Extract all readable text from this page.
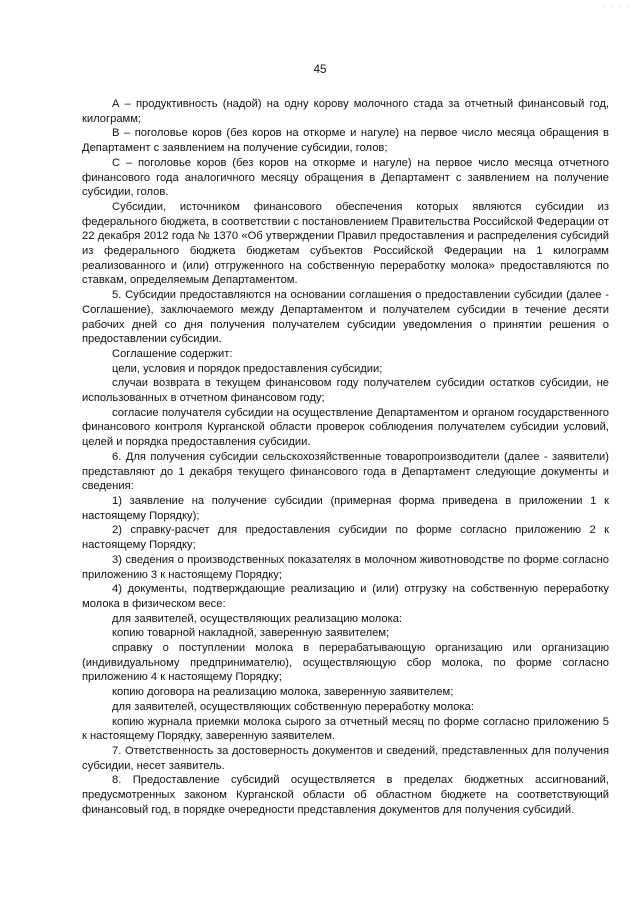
· · · ·
45

А – продуктивность (надой) на одну корову молочного стада за отчетный финансовый год, килограмм;

В – поголовье коров (без коров на откорме и нагуле) на первое число месяца обращения в Департамент с заявлением на получение субсидии, голов;

С – поголовье коров (без коров на откорме и нагуле) на первое число месяца отчетного финансового года аналогичного месяцу обращения в Департамент с заявлением на получение субсидии, голов.

Субсидии, источником финансового обеспечения которых являются субсидии из федерального бюджета, в соответствии с постановлением Правительства Российской Федерации от 22 декабря 2012 года № 1370 «Об утверждении Правил предоставления и распределения субсидий из федерального бюджета бюджетам субъектов Российской Федерации на 1 килограмм реализованного и (или) отгруженного на собственную переработку молока» предоставляются по ставкам, определяемым Департаментом.

5. Субсидии предоставляются на основании соглашения о предоставлении субсидии (далее - Соглашение), заключаемого между Департаментом и получателем субсидии в течение десяти рабочих дней со дня получения получателем субсидии уведомления о принятии решения о предоставлении субсидии.

Соглашение содержит:

цели, условия и порядок предоставления субсидии;

случаи возврата в текущем финансовом году получателем субсидии остатков субсидии, не использованных в отчетном финансовом году;

согласие получателя субсидии на осуществление Департаментом и органом государственного финансового контроля Курганской области проверок соблюдения получателем субсидии условий, целей и порядка предоставления субсидии.

6. Для получения субсидии сельскохозяйственные товаропроизводители (далее - заявители) представляют до 1 декабря текущего финансового года в Департамент следующие документы и сведения:

1) заявление на получение субсидии (примерная форма приведена в приложении 1 к настоящему Порядку);

2) справку-расчет для предоставления субсидии по форме согласно приложению 2 к настоящему Порядку;

3) сведения о производственных показателях в молочном животноводстве по форме согласно приложению 3 к настоящему Порядку;

4) документы, подтверждающие реализацию и (или) отгрузку на собственную переработку молока в физическом весе:

для заявителей, осуществляющих реализацию молока:

копию товарной накладной, заверенную заявителем;

справку о поступлении молока в перерабатывающую организацию или организацию (индивидуальному предпринимателю), осуществляющую сбор молока, по форме согласно приложению 4 к настоящему Порядку;

копию договора на реализацию молока, заверенную заявителем;

для заявителей, осуществляющих собственную переработку молока:

копию журнала приемки молока сырого за отчетный месяц по форме согласно приложению 5 к настоящему Порядку, заверенную заявителем.

7. Ответственность за достоверность документов и сведений, представленных для получения субсидии, несет заявитель.

8. Предоставление субсидий осуществляется в пределах бюджетных ассигнований, предусмотренных законом Курганской области об областном бюджете на соответствующий финансовый год, в порядке очередности представления документов для получения субсидий.
